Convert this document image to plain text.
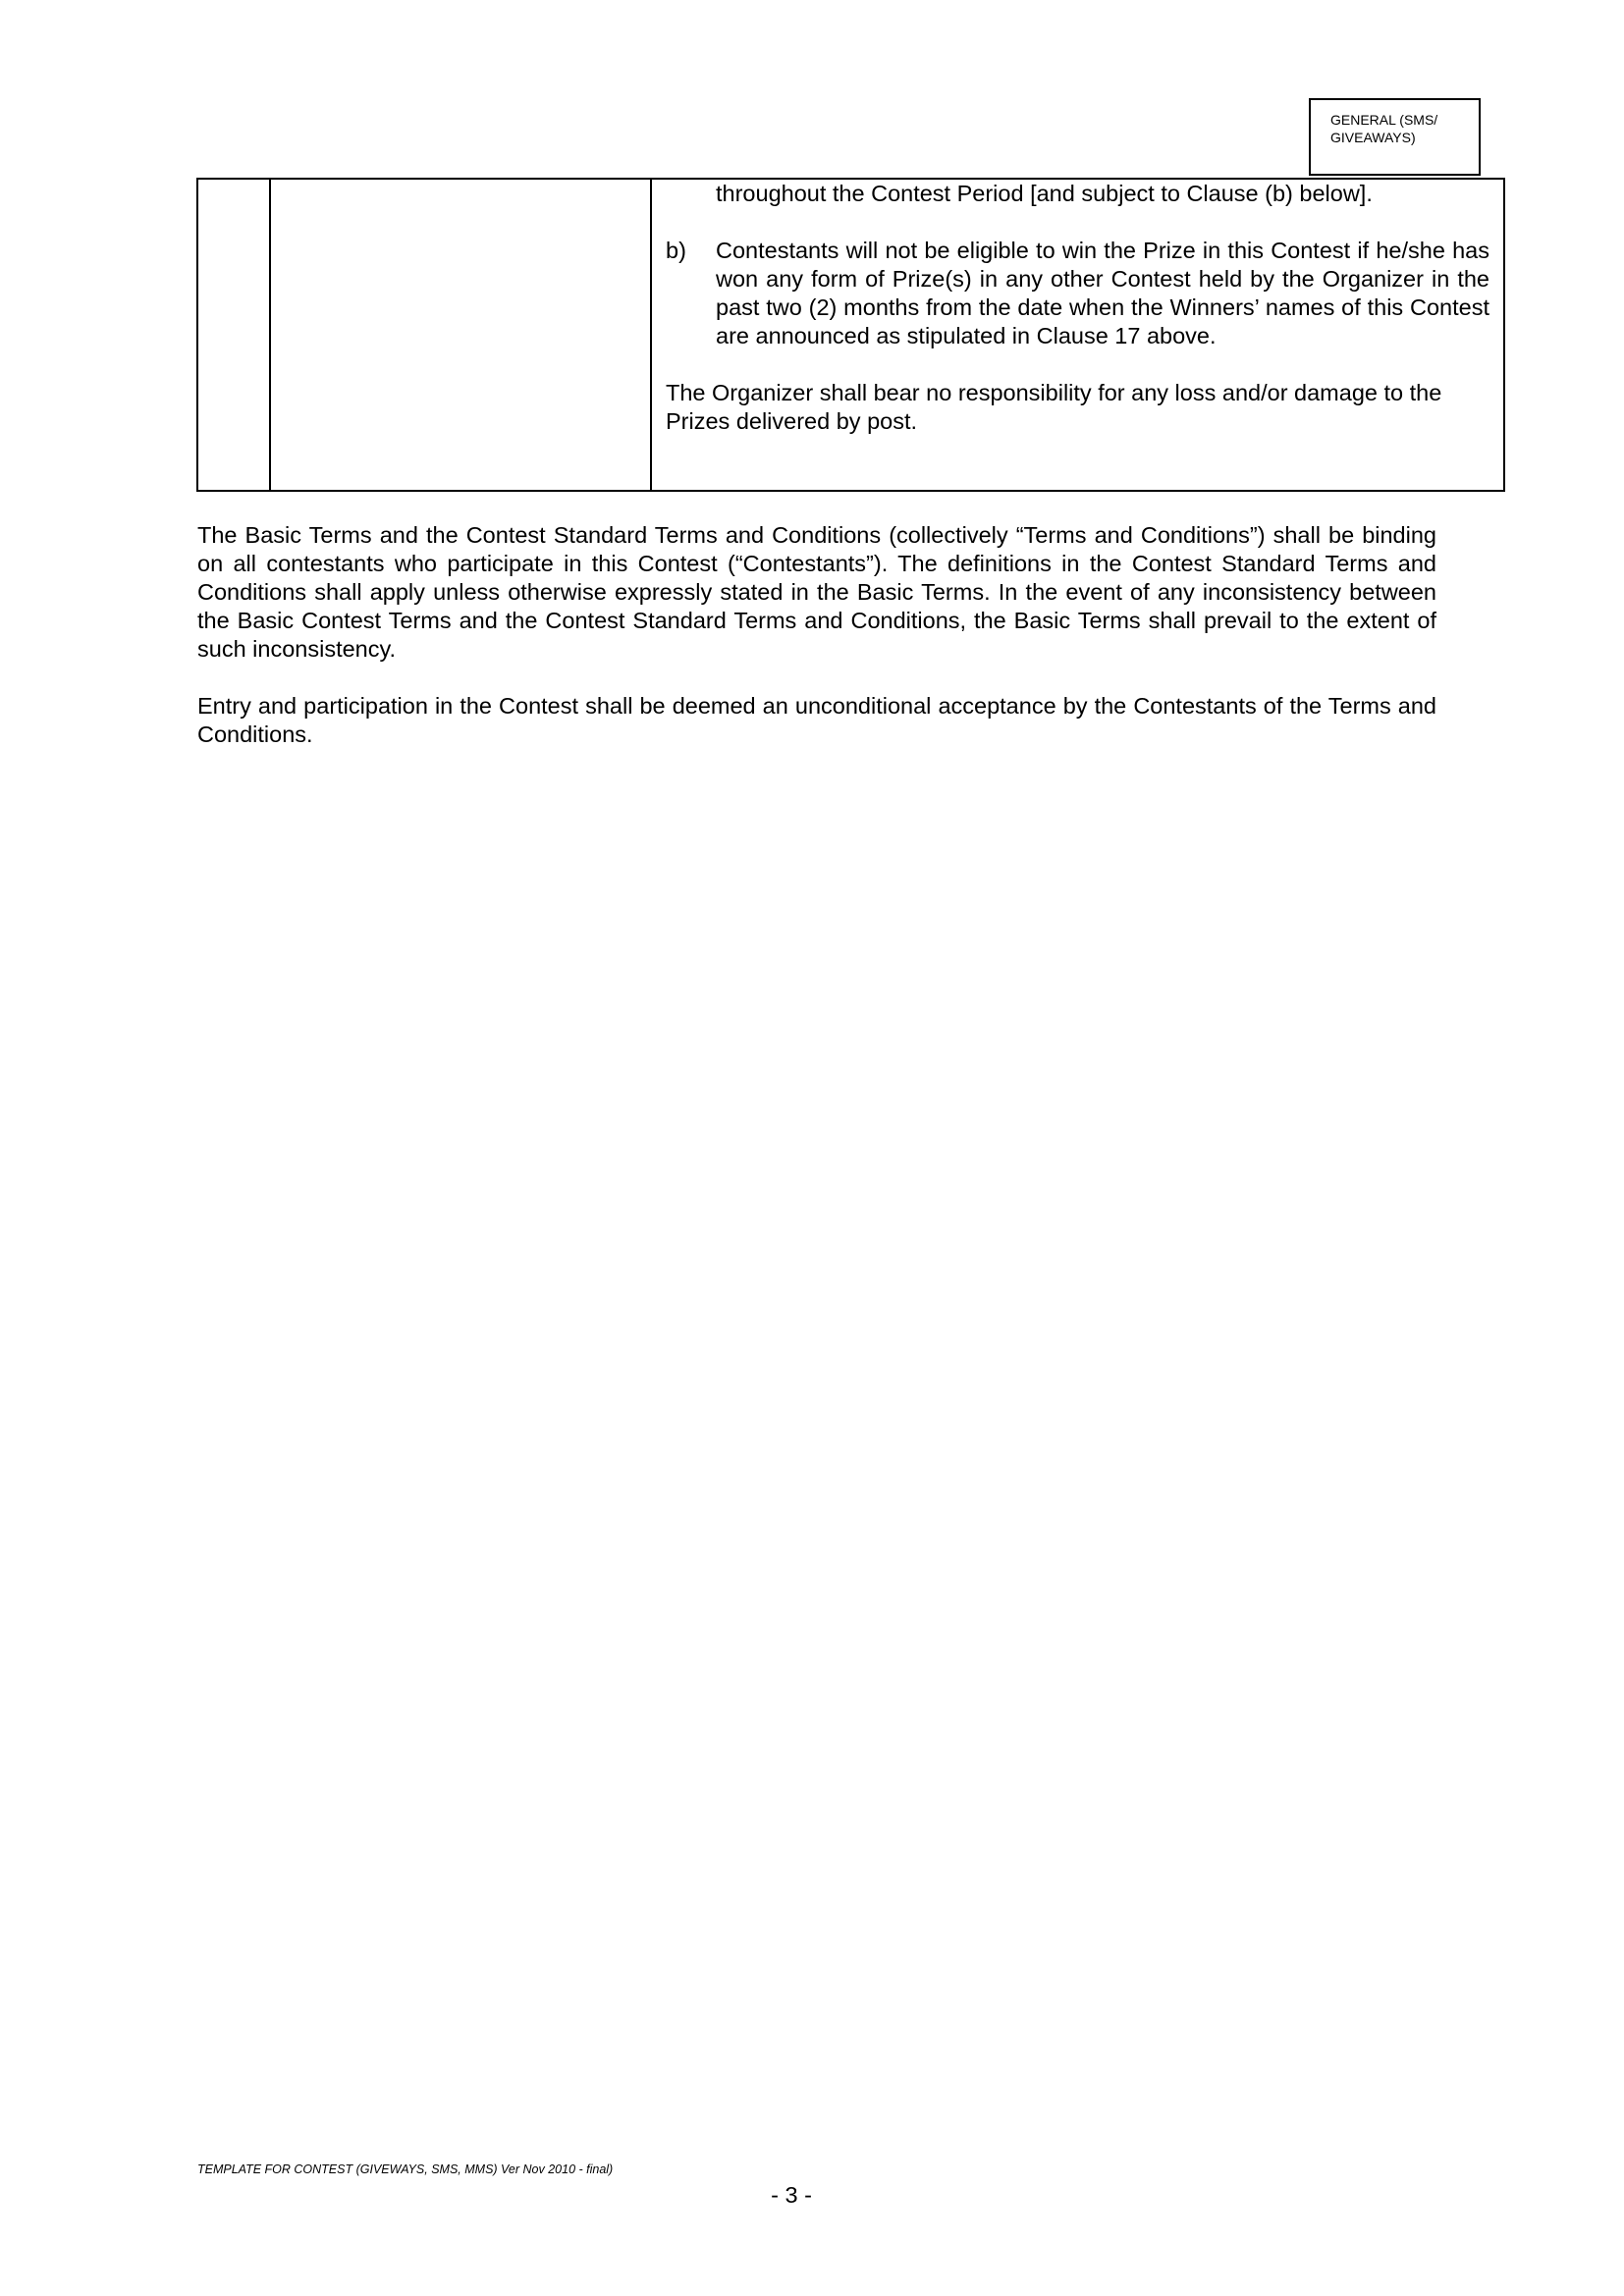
GENERAL (SMS/
GIVEAWAYS)

throughout the Contest Period [and subject to Clause (b) below].

b)	Contestants will not be eligible to win the Prize in this Contest if he/she has won any form of Prize(s) in any other Contest held by the Organizer in the past two (2) months from the date when the Winners’ names of this Contest are announced as stipulated in Clause 17 above.

The Organizer shall bear no responsibility for any loss and/or damage to the Prizes delivered by post.

The Basic Terms and the Contest Standard Terms and Conditions (collectively “Terms and Conditions”) shall be binding on all contestants who participate in this Contest (“Contestants”). The definitions in the Contest Standard Terms and Conditions shall apply unless otherwise expressly stated in the Basic Terms. In the event of any inconsistency between the Basic Contest Terms and the Contest Standard Terms and Conditions, the Basic Terms shall prevail to the extent of such inconsistency.

Entry and participation in the Contest shall be deemed an unconditional acceptance by the Contestants of the Terms and Conditions.

TEMPLATE FOR CONTEST (GIVEWAYS, SMS, MMS) Ver Nov 2010 - final)
- 3 -
